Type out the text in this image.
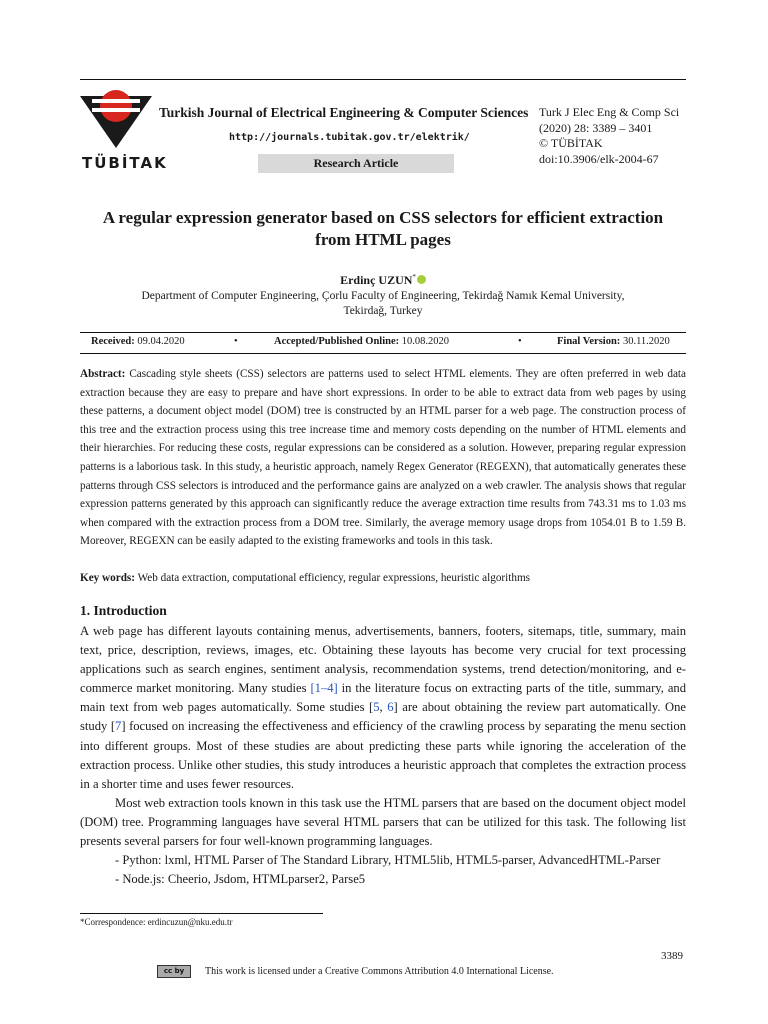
TÜBİTAK
Turkish Journal of Electrical Engineering & Computer Sciences
http://journals.tubitak.gov.tr/elektrik/
Research Article
Turk J Elec Eng & Comp Sci
(2020) 28: 3389 – 3401
© TÜBİTAK
doi:10.3906/elk-2004-67
A regular expression generator based on CSS selectors for efficient extraction
from HTML pages
Erdinç UZUN*
Department of Computer Engineering, Çorlu Faculty of Engineering, Tekirdağ Namık Kemal University,
Tekirdağ, Turkey
Received: 09.04.2020	•	Accepted/Published Online: 10.08.2020	•	Final Version: 30.11.2020
Abstract: Cascading style sheets (CSS) selectors are patterns used to select HTML elements. They are often preferred in web data extraction because they are easy to prepare and have short expressions. In order to be able to extract data from web pages by using these patterns, a document object model (DOM) tree is constructed by an HTML parser for a web page. The construction process of this tree and the extraction process using this tree increase time and memory costs depending on the number of HTML elements and their hierarchies. For reducing these costs, regular expressions can be considered as a solution. However, preparing regular expression patterns is a laborious task. In this study, a heuristic approach, namely Regex Generator (REGEXN), that automatically generates these patterns through CSS selectors is introduced and the performance gains are analyzed on a web crawler. The analysis shows that regular expression patterns generated by this approach can significantly reduce the average extraction time results from 743.31 ms to 1.03 ms when compared with the extraction process from a DOM tree. Similarly, the average memory usage drops from 1054.01 B to 1.59 B. Moreover, REGEXN can be easily adapted to the existing frameworks and tools in this task.
Key words: Web data extraction, computational efficiency, regular expressions, heuristic algorithms
1. Introduction

A web page has different layouts containing menus, advertisements, banners, footers, sitemaps, title, summary, main text, price, description, reviews, images, etc. Obtaining these layouts has become very crucial for text processing applications such as search engines, sentiment analysis, recommendation systems, trend detection/monitoring, and e-commerce market monitoring. Many studies [1–4] in the literature focus on extracting parts of the title, summary, and main text from web pages automatically. Some studies [5, 6] are about obtaining the review part automatically. One study [7] focused on increasing the effectiveness and efficiency of the crawling process by separating the menu section into different groups. Most of these studies are about predicting these parts while ignoring the acceleration of the extraction process. Unlike other studies, this study introduces a heuristic approach that completes the extraction process in a shorter time and uses fewer resources.

Most web extraction tools known in this task use the HTML parsers that are based on the document object model (DOM) tree. Programming languages have several HTML parsers that can be utilized for this task. The following list presents several parsers for four well-known programming languages.

- Python: lxml, HTML Parser of The Standard Library, HTML5lib, HTML5-parser, AdvancedHTML-Parser

- Node.js: Cheerio, Jsdom, HTMLparser2, Parse5

*Correspondence: erdincuzun@nku.edu.tr
3389
cc by	This work is licensed under a Creative Commons Attribution 4.0 International License.
